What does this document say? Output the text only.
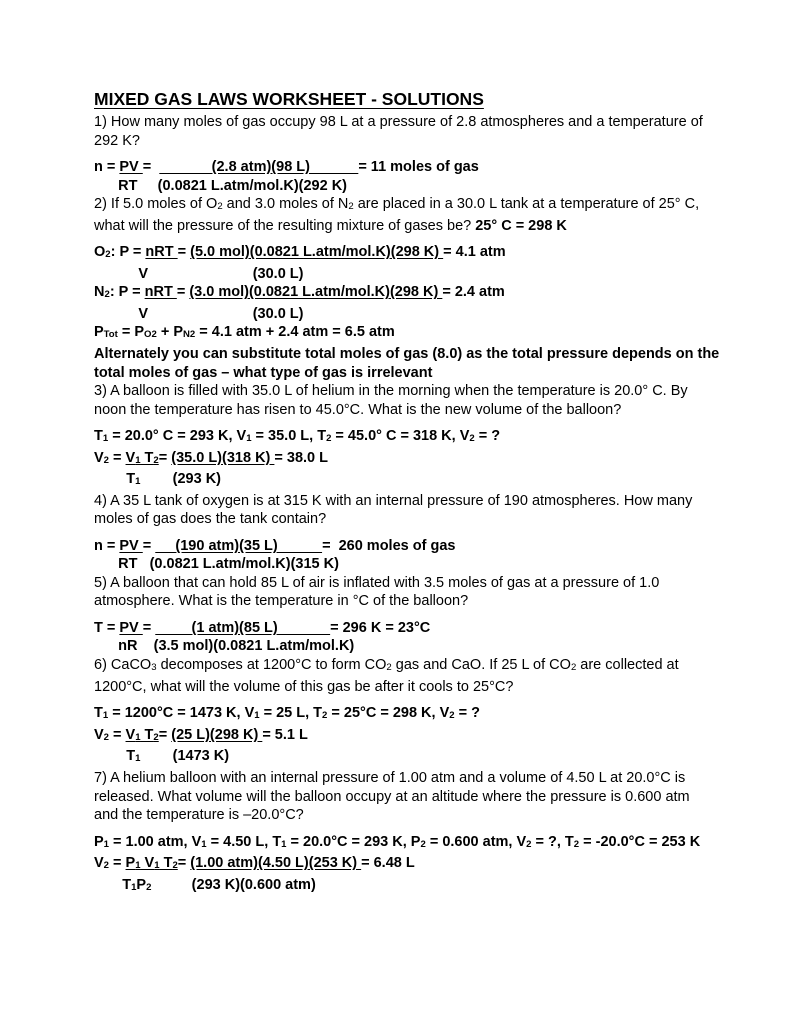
MIXED GAS LAWS WORKSHEET - SOLUTIONS
1) How many moles of gas occupy 98 L at a pressure of 2.8 atmospheres and a temperature of
292 K?
n = PV =               (2.8 atm)(98 L)            = 11 moles of gas
RT     (0.0821 L.atm/mol.K)(292 K)
2) If 5.0 moles of O2 and 3.0 moles of N2 are placed in a 30.0 L tank at a temperature of 25° C,
what will the pressure of the resulting mixture of gases be? 25° C = 298 K
O2: P = nRT = (5.0 mol)(0.0821 L.atm/mol.K)(298 K) = 4.1 atm
V                          (30.0 L)
N2: P = nRT = (3.0 mol)(0.0821 L.atm/mol.K)(298 K) = 2.4 atm
V                          (30.0 L)
PTot = PO2 + PN2 = 4.1 atm + 2.4 atm = 6.5 atm
Alternately you can substitute total moles of gas (8.0) as the total pressure depends on the
total moles of gas – what type of gas is irrelevant
3) A balloon is filled with 35.0 L of helium in the morning when the temperature is 20.0° C. By
noon the temperature has risen to 45.0°C. What is the new volume of the balloon?
T1 = 20.0° C = 293 K, V1 = 35.0 L, T2 = 45.0° C = 318 K, V2 = ?
V2 = V1 T2= (35.0 L)(318 K) = 38.0 L
T1        (293 K)
4) A 35 L tank of oxygen is at 315 K with an internal pressure of 190 atmospheres. How many
moles of gas does the tank contain?
n = PV =      (190 atm)(35 L)           =  260 moles of gas
RT   (0.0821 L.atm/mol.K)(315 K)
5) A balloon that can hold 85 L of air is inflated with 3.5 moles of gas at a pressure of 1.0
atmosphere. What is the temperature in °C of the balloon?
T = PV =          (1 atm)(85 L)             = 296 K = 23°C
nR    (3.5 mol)(0.0821 L.atm/mol.K)
6) CaCO3 decomposes at 1200°C to form CO2 gas and CaO. If 25 L of CO2 are collected at
1200°C, what will the volume of this gas be after it cools to 25°C?
T1 = 1200°C = 1473 K, V1 = 25 L, T2 = 25°C = 298 K, V2 = ?
V2 = V1 T2= (25 L)(298 K) = 5.1 L
T1        (1473 K)
7) A helium balloon with an internal pressure of 1.00 atm and a volume of 4.50 L at 20.0°C is
released. What volume will the balloon occupy at an altitude where the pressure is 0.600 atm
and the temperature is –20.0°C?
P1 = 1.00 atm, V1 = 4.50 L, T1 = 20.0°C = 293 K, P2 = 0.600 atm, V2 = ?, T2 = -20.0°C = 253 K
V2 = P1 V1 T2= (1.00 atm)(4.50 L)(253 K) = 6.48 L
T1P2          (293 K)(0.600 atm)
